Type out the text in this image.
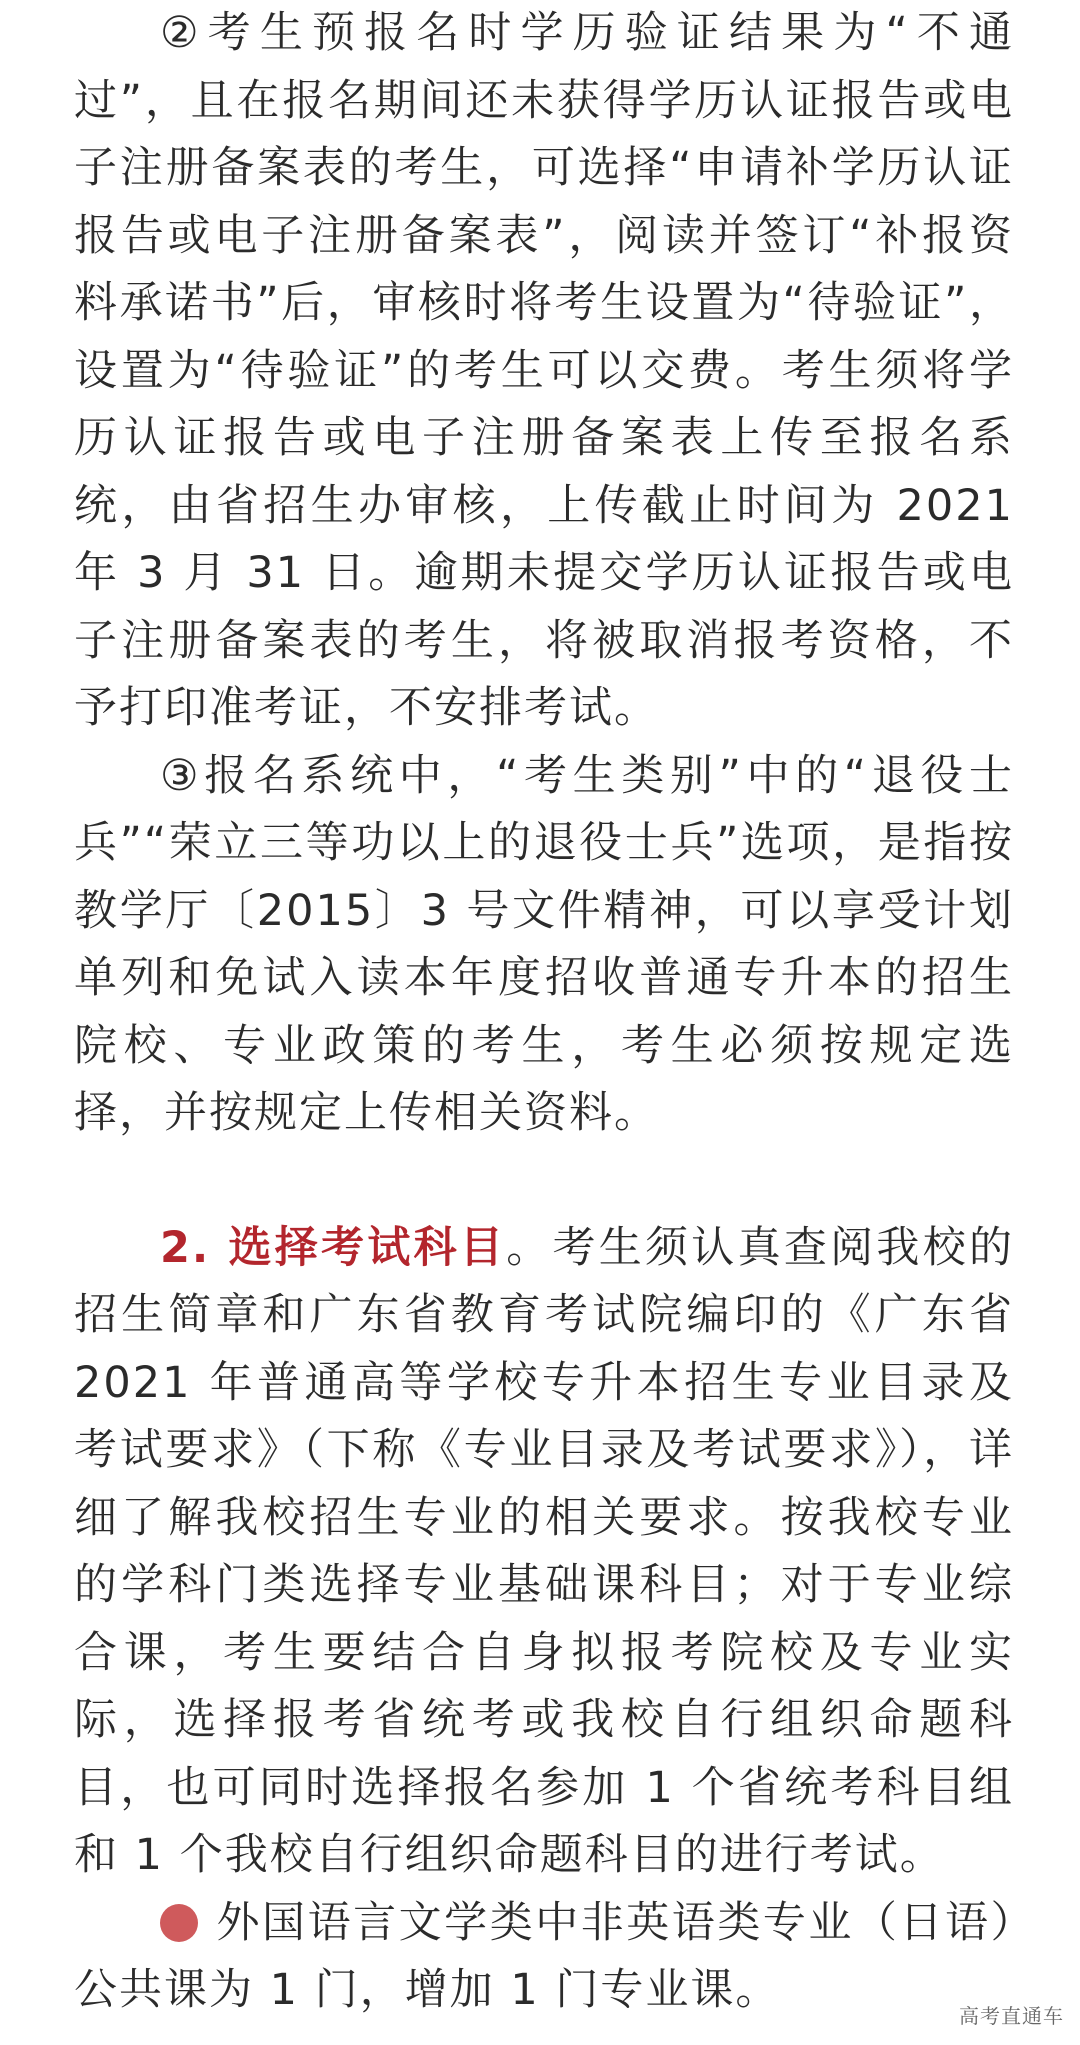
②考生预报名时学历验证结果为“不通过”，且在报名期间还未获得学历认证报告或电子注册备案表的考生，可选择“申请补学历认证报告或电子注册备案表”，阅读并签订“补报资料承诺书”后，审核时将考生设置为“待验证”，设置为“待验证”的考生可以交费。考生须将学历认证报告或电子注册备案表上传至报名系统，由省招生办审核，上传截止时间为 2021 年 3 月 31 日。逾期未提交学历认证报告或电子注册备案表的考生，将被取消报考资格，不予打印准考证，不安排考试。

③报名系统中，“考生类别”中的“退役士兵”“荣立三等功以上的退役士兵”选项，是指按教学厅〔2015〕3 号文件精神，可以享受计划单列和免试入读本年度招收普通专升本的招生院校、专业政策的考生，考生必须按规定选择，并按规定上传相关资料。

2. 选择考试科目。考生须认真查阅我校的招生简章和广东省教育考试院编印的《广东省 2021 年普通高等学校专升本招生专业目录及考试要求》（下称《专业目录及考试要求》），详细了解我校招生专业的相关要求。按我校专业的学科门类选择专业基础课科目；对于专业综合课，考生要结合自身拟报考院校及专业实际，选择报考省统考或我校自行组织命题科目，也可同时选择报名参加 1 个省统考科目组和 1 个我校自行组织命题科目的进行考试。

外国语言文学类中非英语类专业（日语）公共课为 1 门，增加 1 门专业课。

高考直通车
